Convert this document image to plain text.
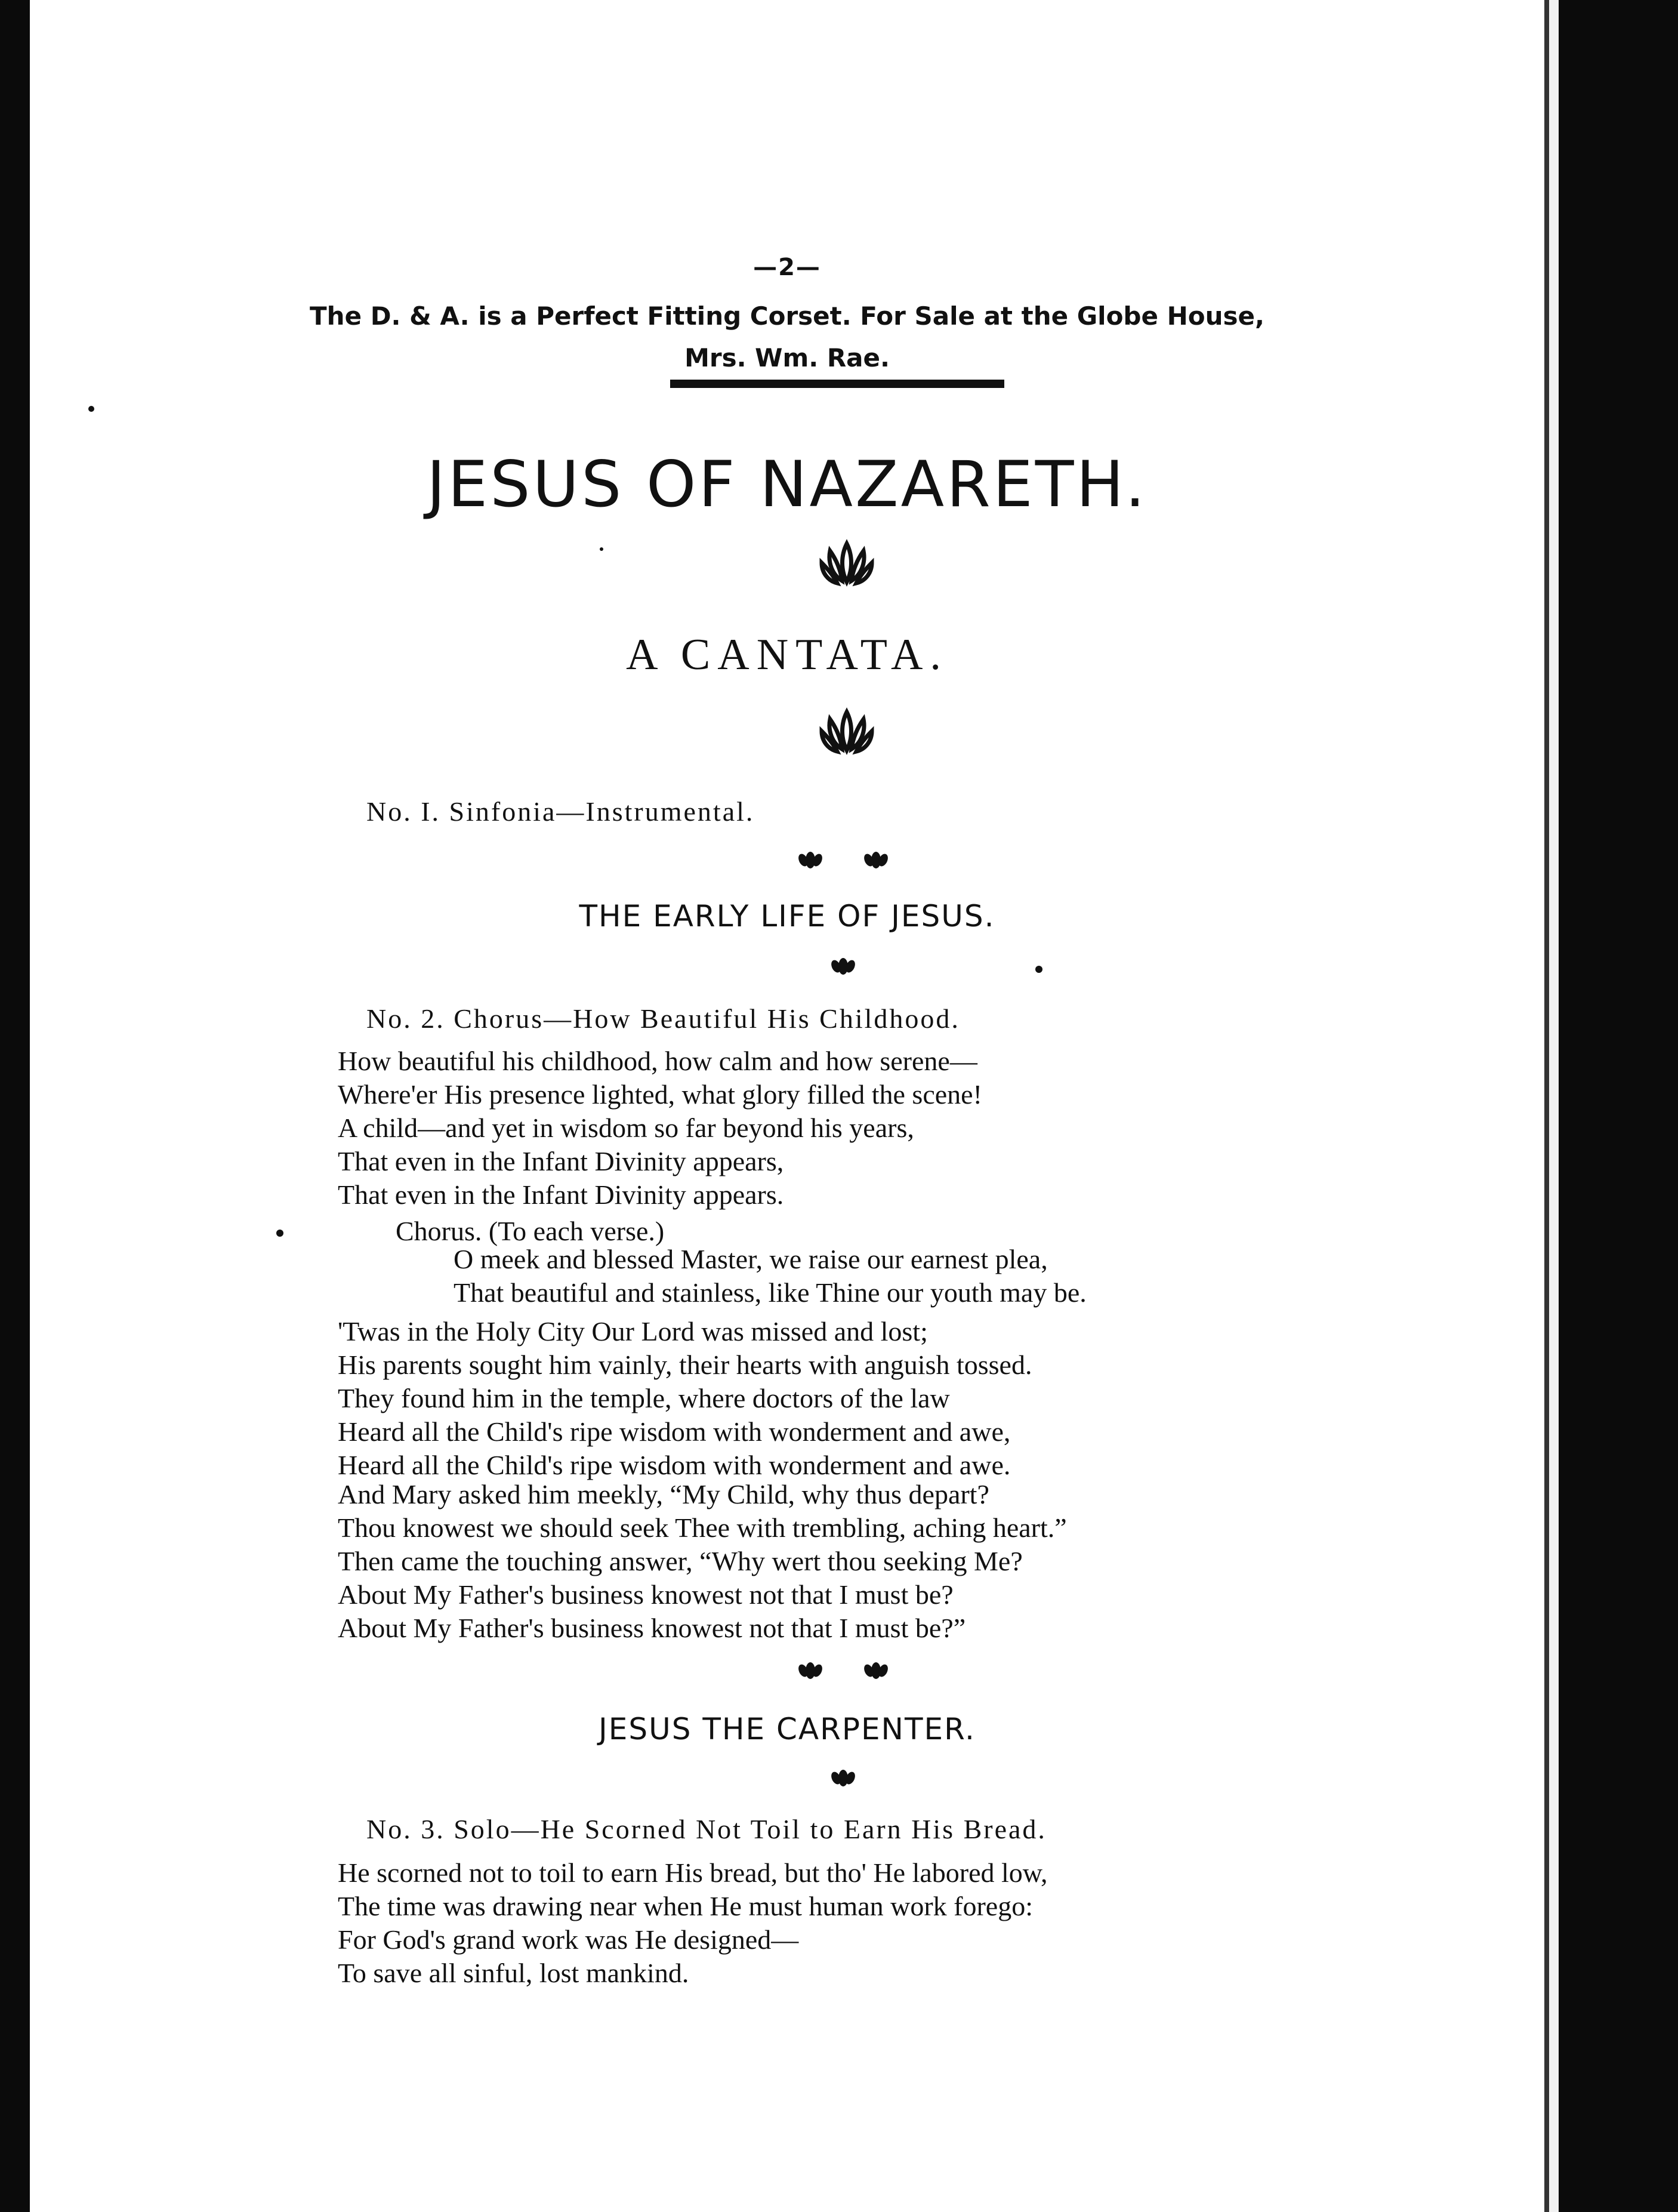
—2—
The D. & A. is a Perfect Fitting Corset. For Sale at the Globe House,
Mrs. Wm. Rae.
JESUS OF NAZARETH.
A CANTATA.
No. I. Sinfonia—Instrumental.
THE EARLY LIFE OF JESUS.
No. 2. Chorus—How Beautiful His Childhood.
How beautiful his childhood, how calm and how serene—
Where'er His presence lighted, what glory filled the scene!
A child—and yet in wisdom so far beyond his years,
That even in the Infant Divinity appears,
That even in the Infant Divinity appears.
Chorus. (To each verse.)
O meek and blessed Master, we raise our earnest plea,
That beautiful and stainless, like Thine our youth may be.
'Twas in the Holy City Our Lord was missed and lost;
His parents sought him vainly, their hearts with anguish tossed.
They found him in the temple, where doctors of the law
Heard all the Child's ripe wisdom with wonderment and awe,
Heard all the Child's ripe wisdom with wonderment and awe.
And Mary asked him meekly, “My Child, why thus depart?
Thou knowest we should seek Thee with trembling, aching heart.”
Then came the touching answer, “Why wert thou seeking Me?
About My Father's business knowest not that I must be?
About My Father's business knowest not that I must be?”
JESUS THE CARPENTER.
No. 3. Solo—He Scorned Not Toil to Earn His Bread.
He scorned not to toil to earn His bread, but tho' He labored low,
The time was drawing near when He must human work forego:
For God's grand work was He designed—
To save all sinful, lost mankind.
